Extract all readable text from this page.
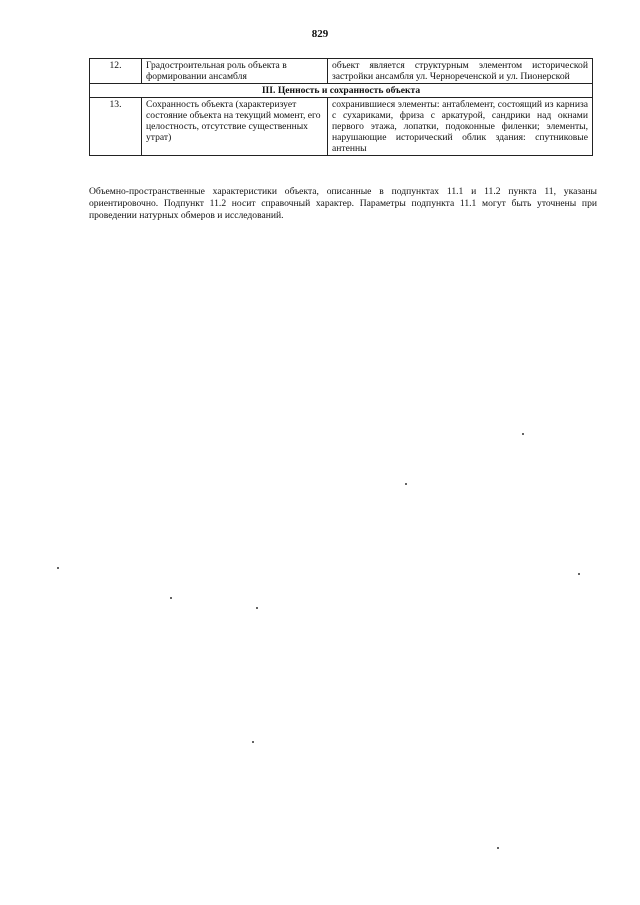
829
12.	Градостроительная роль объекта в формировании ансамбля	объект является структурным элементом исторической застройки ансамбля ул. Чернореченской и ул. Пионерской
III. Ценность и сохранность объекта		
13.	Сохранность объекта (характеризует состояние объекта на текущий момент, его целостность, отсутствие существенных утрат)	сохранившиеся элементы: антаблемент, состоящий из карниза с сухариками, фриза с аркатурой, сандрики над окнами первого этажа, лопатки, подоконные филенки; элементы, нарушающие исторический облик здания: спутниковые антенны

Объемно-пространственные характеристики объекта, описанные в подпунктах 11.1 и 11.2 пункта 11, указаны ориентировочно. Подпункт 11.2 носит справочный характер. Параметры подпункта 11.1 могут быть уточнены при проведении натурных обмеров и исследований.
